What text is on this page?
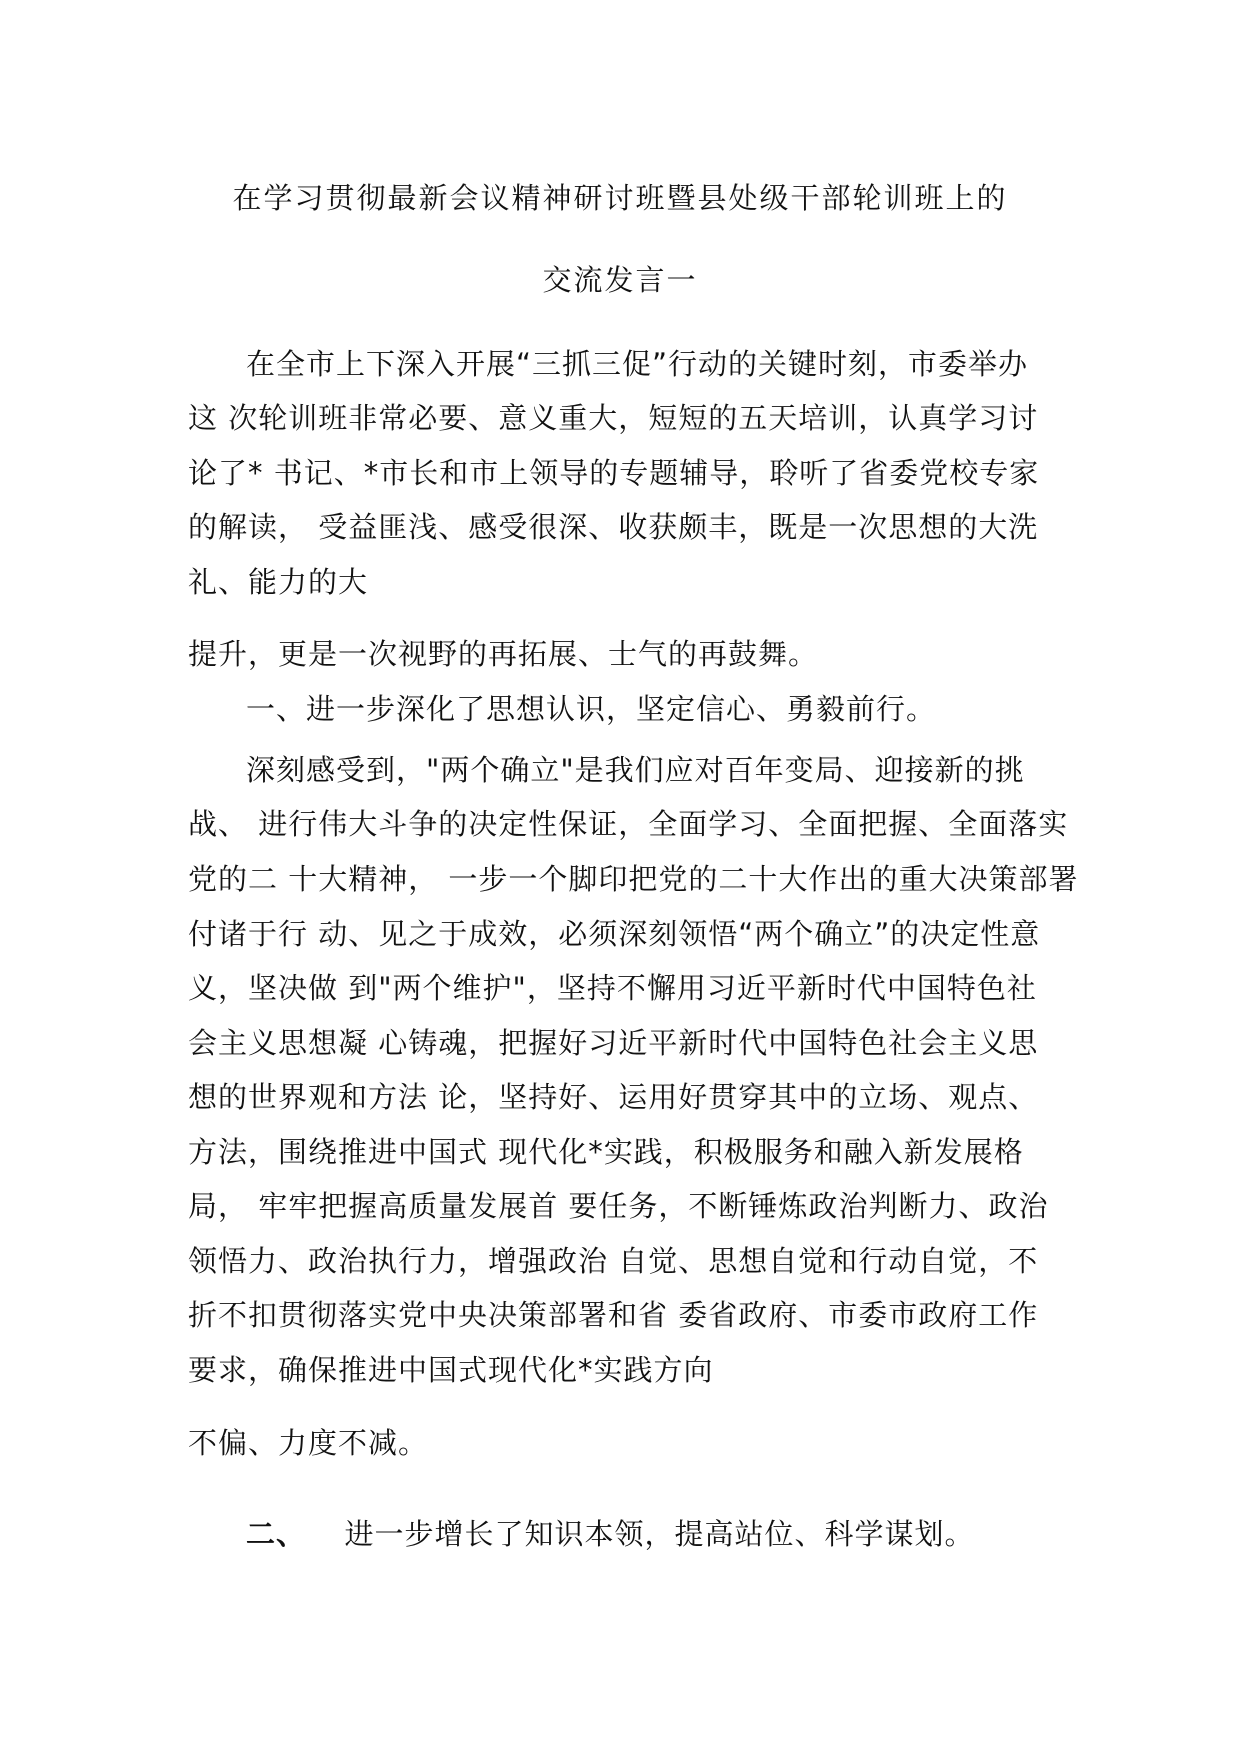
在学习贯彻最新会议精神研讨班暨县处级干部轮训班上的
交流发言一
在全市上下深入开展“三抓三促”行动的关键时刻，市委举办
这 次轮训班非常必要、意义重大，短短的五天培训，认真学习讨
论了* 书记、*市长和市上领导的专题辅导，聆听了省委党校专家
的解读， 受益匪浅、感受很深、收获颇丰，既是一次思想的大洗
礼、能力的大
提升，更是一次视野的再拓展、士气的再鼓舞。
一、进一步深化了思想认识，坚定信心、勇毅前行。
深刻感受到，"两个确立"是我们应对百年变局、迎接新的挑
战、 进行伟大斗争的决定性保证，全面学习、全面把握、全面落实
党的二 十大精神， 一步一个脚印把党的二十大作出的重大决策部署
付诸于行 动、见之于成效，必须深刻领悟“两个确立”的决定性意
义，坚决做 到"两个维护"，坚持不懈用习近平新时代中国特色社
会主义思想凝 心铸魂，把握好习近平新时代中国特色社会主义思
想的世界观和方法 论，坚持好、运用好贯穿其中的立场、观点、
方法，围绕推进中国式 现代化*实践，积极服务和融入新发展格
局， 牢牢把握高质量发展首 要任务，不断锤炼政治判断力、政治
领悟力、政治执行力，增强政治 自觉、思想自觉和行动自觉，不
折不扣贯彻落实党中央决策部署和省 委省政府、市委市政府工作
要求，确保推进中国式现代化*实践方向
不偏、力度不减。
二、 进一步增长了知识本领，提高站位、科学谋划。
